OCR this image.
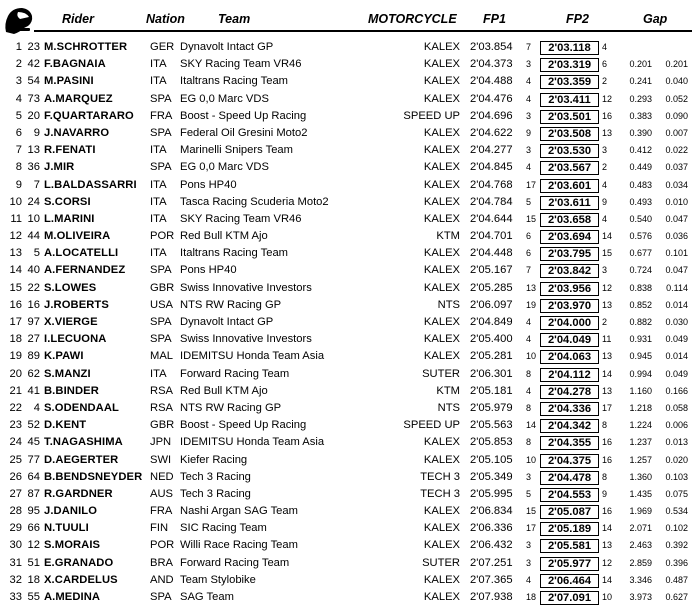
Rider	Nation	Team	MOTORCYCLE FP1	FP2	Gap
1 23 M.SCHROTTER	GER Dynavolt Intact GP	KALEX 2'03.854 7	2'03.118	4
2 42 F.BAGNAIA	ITA SKY Racing Team VR46	KALEX 2'04.373 3	2'03.319	6	0.201	0.201
3 54 M.PASINI	ITA Italtrans Racing Team	KALEX 2'04.488 4	2'03.359	2	0.241	0.040
4 73 A.MARQUEZ	SPA EG 0,0 Marc VDS	KALEX 2'04.476 4	2'03.411	12	0.293	0.052
5 20 F.QUARTARARO	FRA Boost - Speed Up Racing	SPEED UP 2'04.696 3	2'03.501	16	0.383	0.090
6	9 J.NAVARRO	SPA Federal Oil Gresini Moto2	KALEX 2'04.622 9	2'03.508	13	0.390	0.007
7 13 R.FENATI	ITA Marinelli Snipers Team	KALEX 2'04.277 3	2'03.530	3	0.412	0.022
8 36 J.MIR	SPA EG 0,0 Marc VDS	KALEX 2'04.845 4	2'03.567	2	0.449	0.037
9	7 L.BALDASSARRI	ITA Pons HP40	KALEX 2'04.768 17	2'03.601	4	0.483	0.034
10 24 S.CORSI	ITA Tasca Racing Scuderia Moto2	KALEX 2'04.784 5	2'03.611	9	0.493	0.010
11 10 L.MARINI	ITA SKY Racing Team VR46	KALEX 2'04.644 15	2'03.658	4	0.540	0.047
12 44 M.OLIVEIRA	POR Red Bull KTM Ajo	KTM 2'04.701 6	2'03.694	14	0.576	0.036
13	5 A.LOCATELLI	ITA Italtrans Racing Team	KALEX 2'04.448 6	2'03.795	15	0.677	0.101
14 40 A.FERNANDEZ	SPA Pons HP40	KALEX 2'05.167 7	2'03.842	3	0.724	0.047
15 22 S.LOWES	GBR Swiss Innovative Investors	KALEX 2'05.285 13	2'03.956	12	0.838	0.114
16 16 J.ROBERTS	USA NTS RW Racing GP	NTS 2'06.097 19	2'03.970	13	0.852	0.014
17 97 X.VIERGE	SPA Dynavolt Intact GP	KALEX 2'04.849 4	2'04.000	2	0.882	0.030
18 27 I.LECUONA	SPA Swiss Innovative Investors	KALEX 2'05.400 4	2'04.049	11	0.931	0.049
19 89 K.PAWI	MAL IDEMITSU Honda Team Asia	KALEX 2'05.281 10	2'04.063	13	0.945	0.014
20 62 S.MANZI	ITA Forward Racing Team	SUTER 2'06.301 8	2'04.112	14	0.994	0.049
21 41 B.BINDER	RSA Red Bull KTM Ajo	KTM 2'05.181 4	2'04.278	13	1.160	0.166
22	4 S.ODENDAAL	RSA NTS RW Racing GP	NTS 2'05.979 8	2'04.336	17	1.218	0.058
23 52 D.KENT	GBR Boost - Speed Up Racing	SPEED UP 2'05.563 14	2'04.342	8	1.224	0.006
24 45 T.NAGASHIMA	JPN IDEMITSU Honda Team Asia	KALEX 2'05.853 8	2'04.355	16	1.237	0.013
25 77 D.AEGERTER	SWI Kiefer Racing	KALEX 2'05.105 10	2'04.375	16	1.257	0.020
26 64 B.BENDSNEYDER NED Tech 3 Racing	TECH 3 2'05.349 3	2'04.478	8	1.360	0.103
27 87 R.GARDNER	AUS Tech 3 Racing	TECH 3 2'05.995 5	2'04.553	9	1.435	0.075
28 95 J.DANILO	FRA Nashi Argan SAG Team	KALEX 2'06.834 15	2'05.087	16	1.969	0.534
29 66 N.TUULI	FIN SIC Racing Team	KALEX 2'06.336 17	2'05.189	14	2.071	0.102
30 12 S.MORAIS	POR Willi Race Racing Team	KALEX 2'06.432 3	2'05.581	13	2.463	0.392
31 51 E.GRANADO	BRA Forward Racing Team	SUTER 2'07.251 3	2'05.977	12	2.859	0.396
32 18 X.CARDELUS	AND Team Stylobike	KALEX 2'07.365 4	2'06.464	14	3.346	0.487
33 55 A.MEDINA	SPA SAG Team	KALEX 2'07.938 18	2'07.091	10	3.973	0.627
